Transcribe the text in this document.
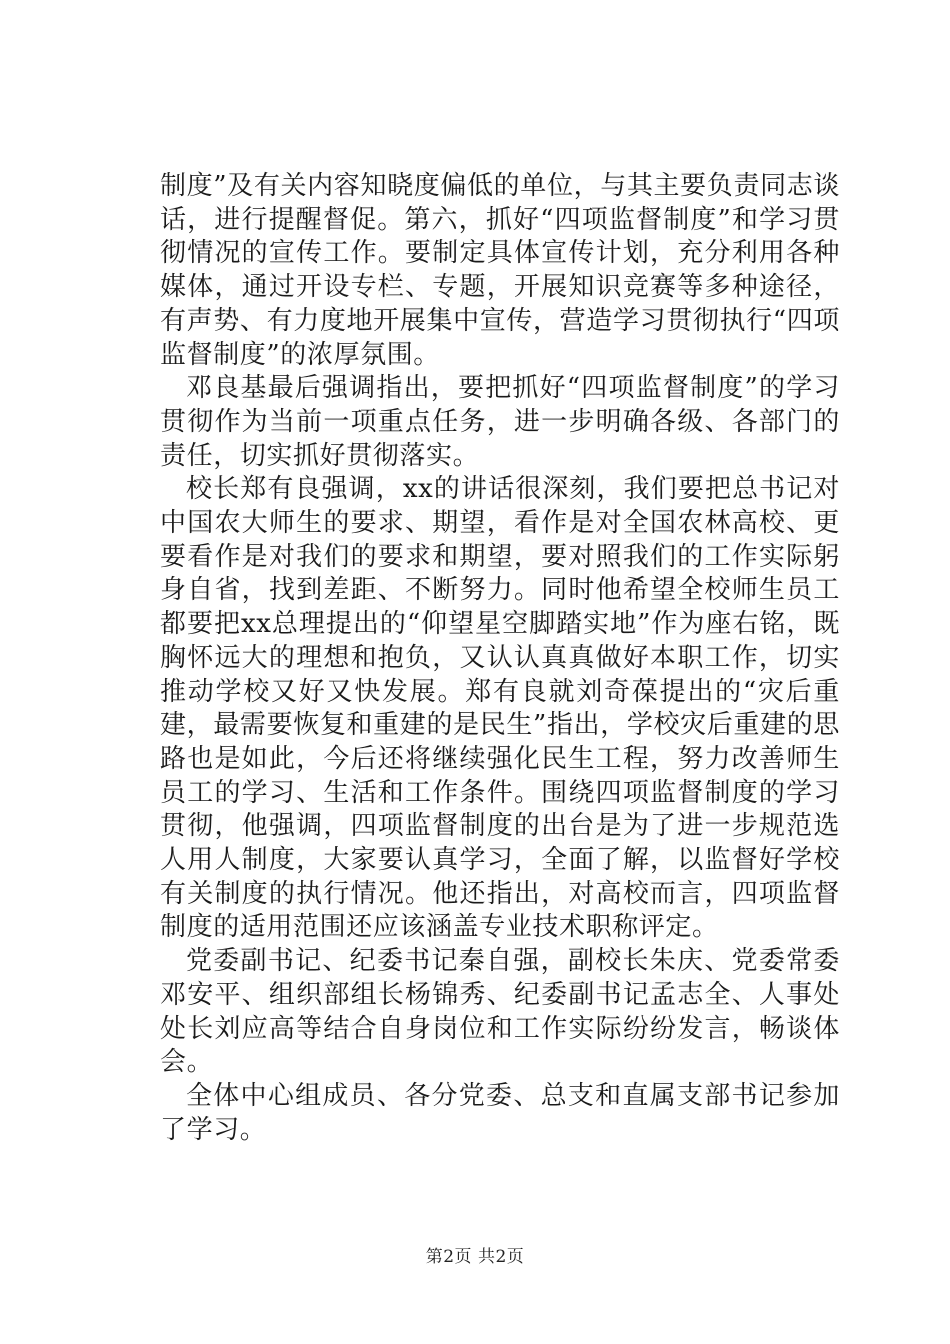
制度”及有关内容知晓度偏低的单位，与其主要负责同志谈话，进行提醒督促。第六，抓好“四项监督制度”和学习贯彻情况的宣传工作。要制定具体宣传计划，充分利用各种媒体，通过开设专栏、专题，开展知识竞赛等多种途径，有声势、有力度地开展集中宣传，营造学习贯彻执行“四项监督制度”的浓厚氛围。

邓良基最后强调指出，要把抓好“四项监督制度”的学习贯彻作为当前一项重点任务，进一步明确各级、各部门的责任，切实抓好贯彻落实。

校长郑有良强调，xx的讲话很深刻，我们要把总书记对中国农大师生的要求、期望，看作是对全国农林高校、更要看作是对我们的要求和期望，要对照我们的工作实际躬身自省，找到差距、不断努力。同时他希望全校师生员工都要把xx总理提出的“仰望星空脚踏实地”作为座右铭，既胸怀远大的理想和抱负，又认认真真做好本职工作，切实推动学校又好又快发展。郑有良就刘奇葆提出的“灾后重建，最需要恢复和重建的是民生”指出，学校灾后重建的思路也是如此，今后还将继续强化民生工程，努力改善师生员工的学习、生活和工作条件。围绕四项监督制度的学习贯彻，他强调，四项监督制度的出台是为了进一步规范选人用人制度，大家要认真学习，全面了解，以监督好学校有关制度的执行情况。他还指出，对高校而言，四项监督制度的适用范围还应该涵盖专业技术职称评定。

党委副书记、纪委书记秦自强，副校长朱庆、党委常委邓安平、组织部组长杨锦秀、纪委副书记孟志全、人事处处长刘应高等结合自身岗位和工作实际纷纷发言，畅谈体会。

全体中心组成员、各分党委、总支和直属支部书记参加了学习。

第2页 共2页
